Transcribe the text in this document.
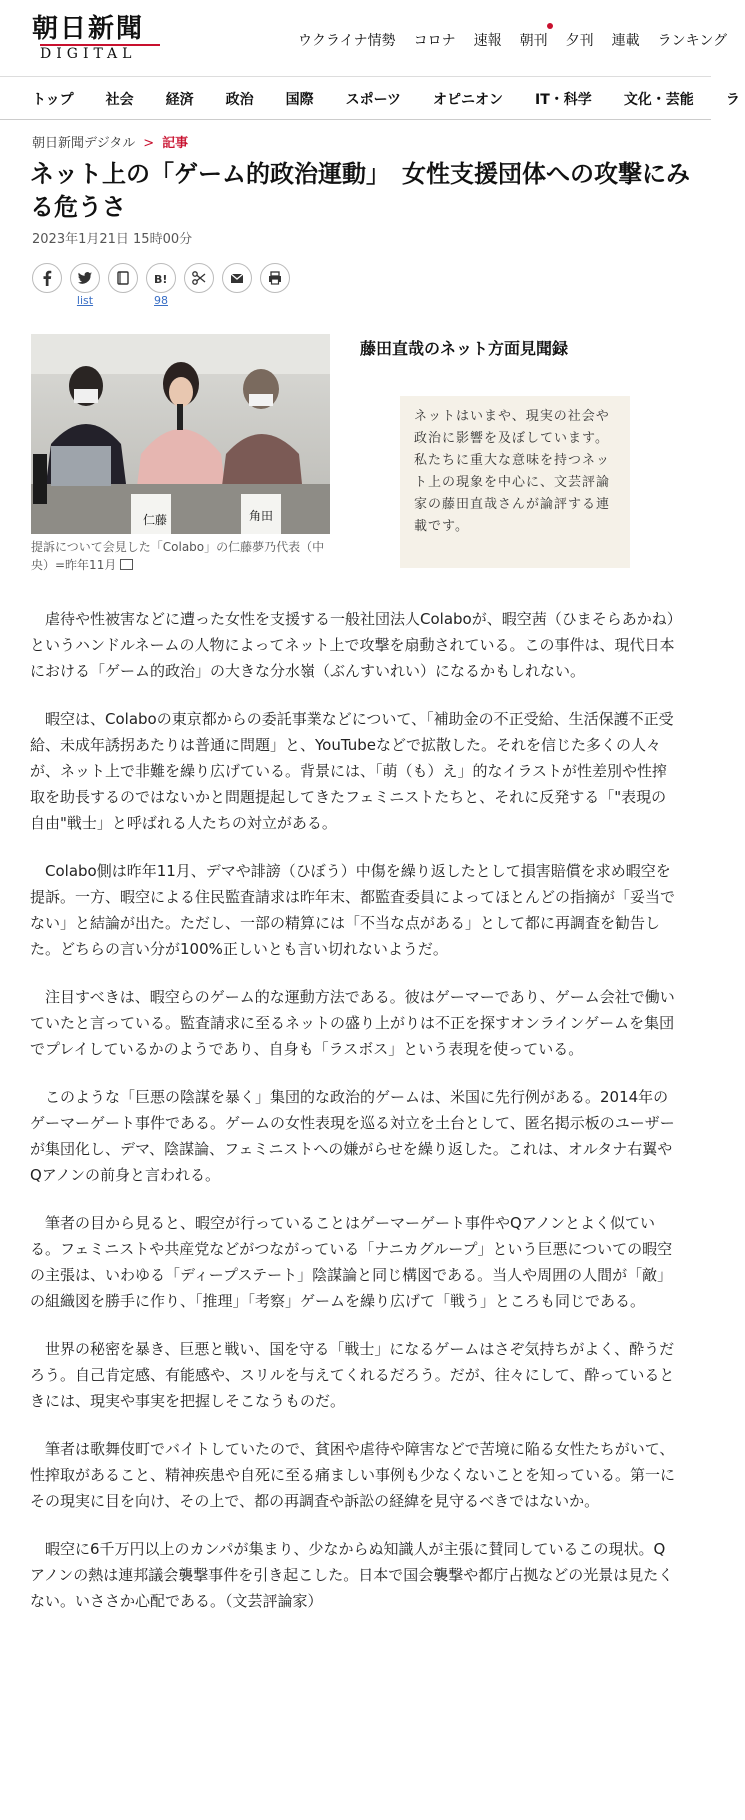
朝日新聞
DIGITAL
ウクライナ情勢 コロナ 速報 朝刊 夕刊 連載 ランキング
トップ 社会 経済 政治 国際 スポーツ オピニオン IT・科学 文化・芸能 ラ
朝日新聞デジタル > 記事
ネット上の「ゲーム的政治運動」　女性支援団体への攻撃にみる危うさ
2023年1月21日 15時00分
list
B!
98
仁藤	角田
提訴について会見した「Colabo」の仁藤夢乃代表（中央）=昨年11月
藤田直哉のネット方面見聞録
ネットはいまや、現実の社会や政治に影響を及ぼしています。私たちに重大な意味を持つネット上の現象を中心に、文芸評論家の藤田直哉さんが論評する連載です。

虐待や性被害などに遭った女性を支援する一般社団法人Colaboが、暇空茜（ひまそらあかね）というハンドルネームの人物によってネット上で攻撃を扇動されている。この事件は、現代日本における「ゲーム的政治」の大きな分水嶺（ぶんすいれい）になるかもしれない。

暇空は、Colaboの東京都からの委託事業などについて、「補助金の不正受給、生活保護不正受給、未成年誘拐あたりは普通に問題」と、YouTubeなどで拡散した。それを信じた多くの人々が、ネット上で非難を繰り広げている。背景には、「萌（も）え」的なイラストが性差別や性搾取を助長するのではないかと問題提起してきたフェミニストたちと、それに反発する「"表現の自由"戦士」と呼ばれる人たちの対立がある。

Colabo側は昨年11月、デマや誹謗（ひぼう）中傷を繰り返したとして損害賠償を求め暇空を提訴。一方、暇空による住民監査請求は昨年末、都監査委員によってほとんどの指摘が「妥当でない」と結論が出た。ただし、一部の精算には「不当な点がある」として都に再調査を勧告した。どちらの言い分が100%正しいとも言い切れないようだ。

注目すべきは、暇空らのゲーム的な運動方法である。彼はゲーマーであり、ゲーム会社で働いていたと言っている。監査請求に至るネットの盛り上がりは不正を探すオンラインゲームを集団でプレイしているかのようであり、自身も「ラスボス」という表現を使っている。

このような「巨悪の陰謀を暴く」集団的な政治的ゲームは、米国に先行例がある。2014年のゲーマーゲート事件である。ゲームの女性表現を巡る対立を土台として、匿名掲示板のユーザーが集団化し、デマ、陰謀論、フェミニストへの嫌がらせを繰り返した。これは、オルタナ右翼やQアノンの前身と言われる。

筆者の目から見ると、暇空が行っていることはゲーマーゲート事件やQアノンとよく似ている。フェミニストや共産党などがつながっている「ナニカグループ」という巨悪についての暇空の主張は、いわゆる「ディープステート」陰謀論と同じ構図である。当人や周囲の人間が「敵」の組織図を勝手に作り、「推理」「考察」ゲームを繰り広げて「戦う」ところも同じである。

世界の秘密を暴き、巨悪と戦い、国を守る「戦士」になるゲームはさぞ気持ちがよく、酔うだろう。自己肯定感、有能感や、スリルを与えてくれるだろう。だが、往々にして、酔っているときには、現実や事実を把握しそこなうものだ。

筆者は歌舞伎町でバイトしていたので、貧困や虐待や障害などで苦境に陥る女性たちがいて、性搾取があること、精神疾患や自死に至る痛ましい事例も少なくないことを知っている。第一にその現実に目を向け、その上で、都の再調査や訴訟の経緯を見守るべきではないか。

暇空に6千万円以上のカンパが集まり、少なからぬ知識人が主張に賛同しているこの現状。Qアノンの熱は連邦議会襲撃事件を引き起こした。日本で国会襲撃や都庁占拠などの光景は見たくない。いささか心配である。（文芸評論家）
